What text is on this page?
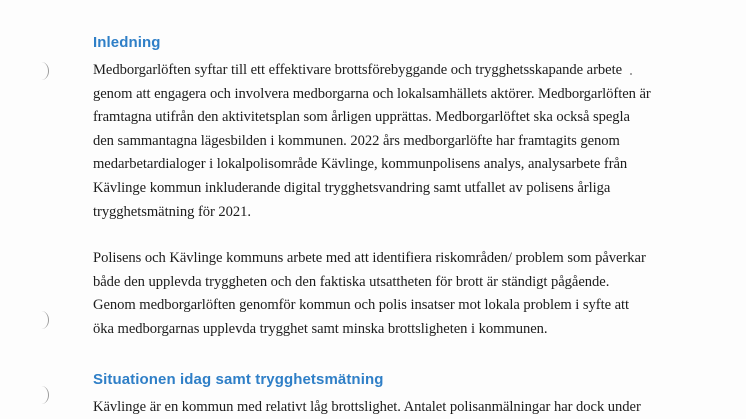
Inledning

Medborgarlöften syftar till ett effektivare brottsförebyggande och trygghetsskapande arbete
genom att engagera och involvera medborgarna och lokalsamhällets aktörer. Medborgarlöften är
framtagna utifrån den aktivitetsplan som årligen upprättas. Medborgarlöftet ska också spegla
den sammantagna lägesbilden i kommunen. 2022 års medborgarlöfte har framtagits genom
medarbetardialoger i lokalpolisområde Kävlinge, kommunpolisens analys, analysarbete från
Kävlinge kommun inkluderande digital trygghetsvandring samt utfallet av polisens årliga
trygghetsmätning för 2021.

Polisens och Kävlinge kommuns arbete med att identifiera riskområden/ problem som påverkar
både den upplevda tryggheten och den faktiska utsattheten för brott är ständigt pågående.
Genom medborgarlöften genomför kommun och polis insatser mot lokala problem i syfte att
öka medborgarnas upplevda trygghet samt minska brottsligheten i kommunen.

Situationen idag samt trygghetsmätning

Kävlinge är en kommun med relativt låg brottslighet. Antalet polisanmälningar har dock under
